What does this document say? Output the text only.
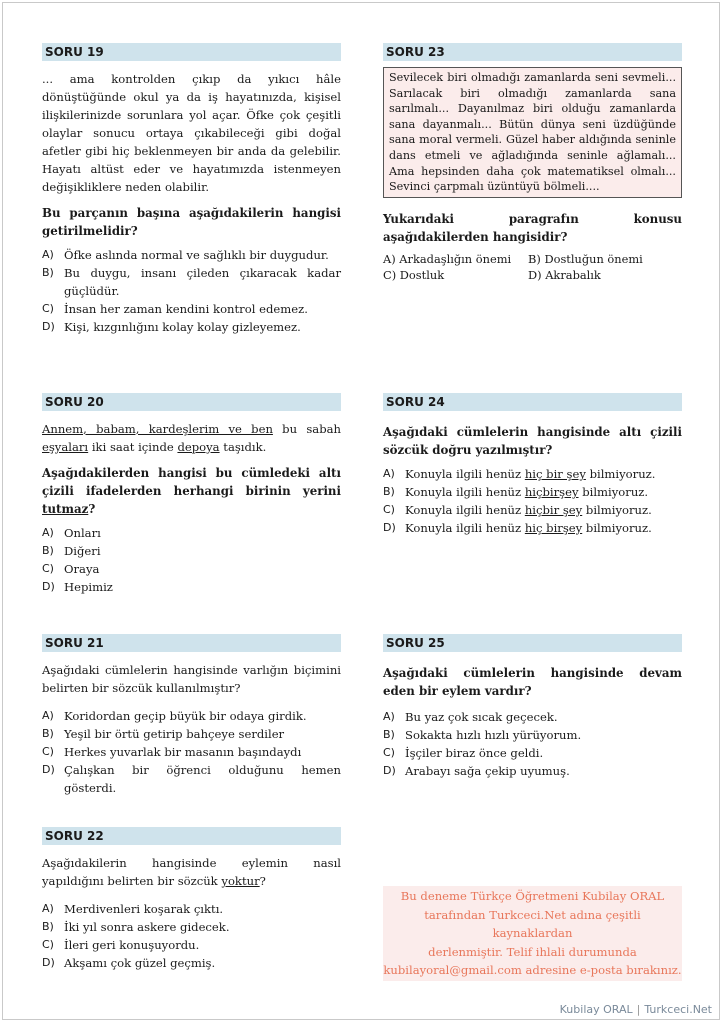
SORU 19
... ama kontrolden çıkıp da yıkıcı hâle dönüştüğünde okul ya da iş hayatınızda, kişisel ilişkilerinizde sorunlara yol açar. Öfke çok çeşitli olaylar sonucu ortaya çıkabileceği gibi doğal afetler gibi hiç beklenmeyen bir anda da gelebilir. Hayatı altüst eder ve hayatımızda istenmeyen değişikliklere neden olabilir.
Bu parçanın başına aşağıdakilerin hangisi getirilmelidir?
A) Öfke aslında normal ve sağlıklı bir duygudur.
B) Bu duygu, insanı çileden çıkaracak kadar güçlüdür.
C) İnsan her zaman kendini kontrol edemez.
D) Kişi, kızgınlığını kolay kolay gizleyemez.
SORU 20
Annem, babam, kardeşlerim ve ben bu sabah eşyaları iki saat içinde depoya taşıdık.
Aşağıdakilerden hangisi bu cümledeki altı çizili ifadelerden herhangi birinin yerini tutmaz?
A) Onları
B) Diğeri
C) Oraya
D) Hepimiz
SORU 21
Aşağıdaki cümlelerin hangisinde varlığın biçimini belirten bir sözcük kullanılmıştır?
A) Koridordan geçip büyük bir odaya girdik.
B) Yeşil bir örtü getirip bahçeye serdiler
C) Herkes yuvarlak bir masanın başındaydı
D) Çalışkan bir öğrenci olduğunu hemen gösterdi.
SORU 22
Aşağıdakilerin hangisinde eylemin nasıl yapıldığını belirten bir sözcük yoktur?
A) Merdivenleri koşarak çıktı.
B) İki yıl sonra askere gidecek.
C) İleri geri konuşuyordu.
D) Akşamı çok güzel geçmiş.
SORU 23
Sevilecek biri olmadığı zamanlarda seni sevmeli... Sarılacak biri olmadığı zamanlarda sana sarılmalı... Dayanılmaz biri olduğu zamanlarda sana dayanmalı... Bütün dünya seni üzdüğünde sana moral vermeli. Güzel haber aldığında seninle dans etmeli ve ağladığında seninle ağlamalı... Ama hepsinden daha çok matematiksel olmalı... Sevinci çarpmalı üzüntüyü bölmeli....
Yukarıdaki paragrafın konusu aşağıdakilerden hangisidir?
A) Arkadaşlığın önemi	B) Dostluğun önemi
C) Dostluk	D) Akrabalık
SORU 24
Aşağıdaki cümlelerin hangisinde altı çizili sözcük doğru yazılmıştır?
A) Konuyla ilgili henüz hiç bir şey bilmiyoruz.
B) Konuyla ilgili henüz hiçbirşey bilmiyoruz.
C) Konuyla ilgili henüz hiçbir şey bilmiyoruz.
D) Konuyla ilgili henüz hiç birşey bilmiyoruz.
SORU 25
Aşağıdaki cümlelerin hangisinde devam eden bir eylem vardır?
A) Bu yaz çok sıcak geçecek.
B) Sokakta hızlı hızlı yürüyorum.
C) İşçiler biraz önce geldi.
D) Arabayı sağa çekip uyumuş.
Bu deneme Türkçe Öğretmeni Kubilay ORAL
tarafından Turkceci.Net adına çeşitli kaynaklardan
derlenmiştir. Telif ihlali durumunda
kubilayoral@gmail.com adresine e-posta bırakınız.
Kubilay ORAL | Turkceci.Net
